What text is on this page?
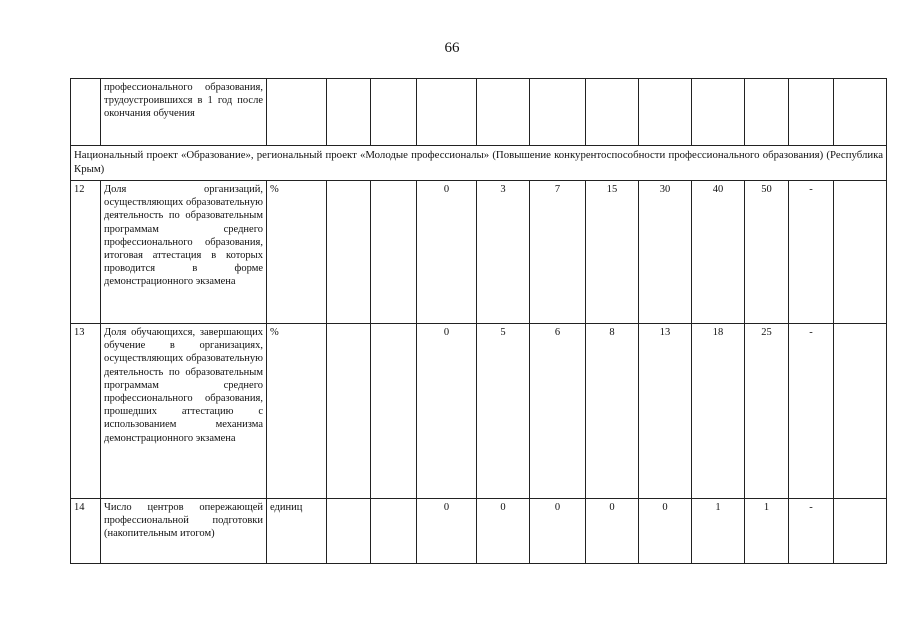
66
	профессионального образования, трудоустроившихся в 1 год после окончания обучения												
Национальный проект «Образование», региональный проект «Молодые профессионалы» (Повышение конкурентоспособности профессионального образования) (Республика Крым)													
12	Доля организаций, осуществляющих образовательную деятельность по образовательным программам среднего профессионального образования, итоговая аттестация в которых проводится в форме демонстрационного экзамена	%			0	3	7	15	30	40	50	-	
13	Доля обучающихся, завершающих обучение в организациях, осуществляющих образовательную деятельность по образовательным программам среднего профессионального образования, прошедших аттестацию с использованием механизма демонстрационного экзамена	%			0	5	6	8	13	18	25	-	
14	Число центров опережающей профессиональной подготовки (накопительным итогом)	единиц			0	0	0	0	0	1	1	-	
